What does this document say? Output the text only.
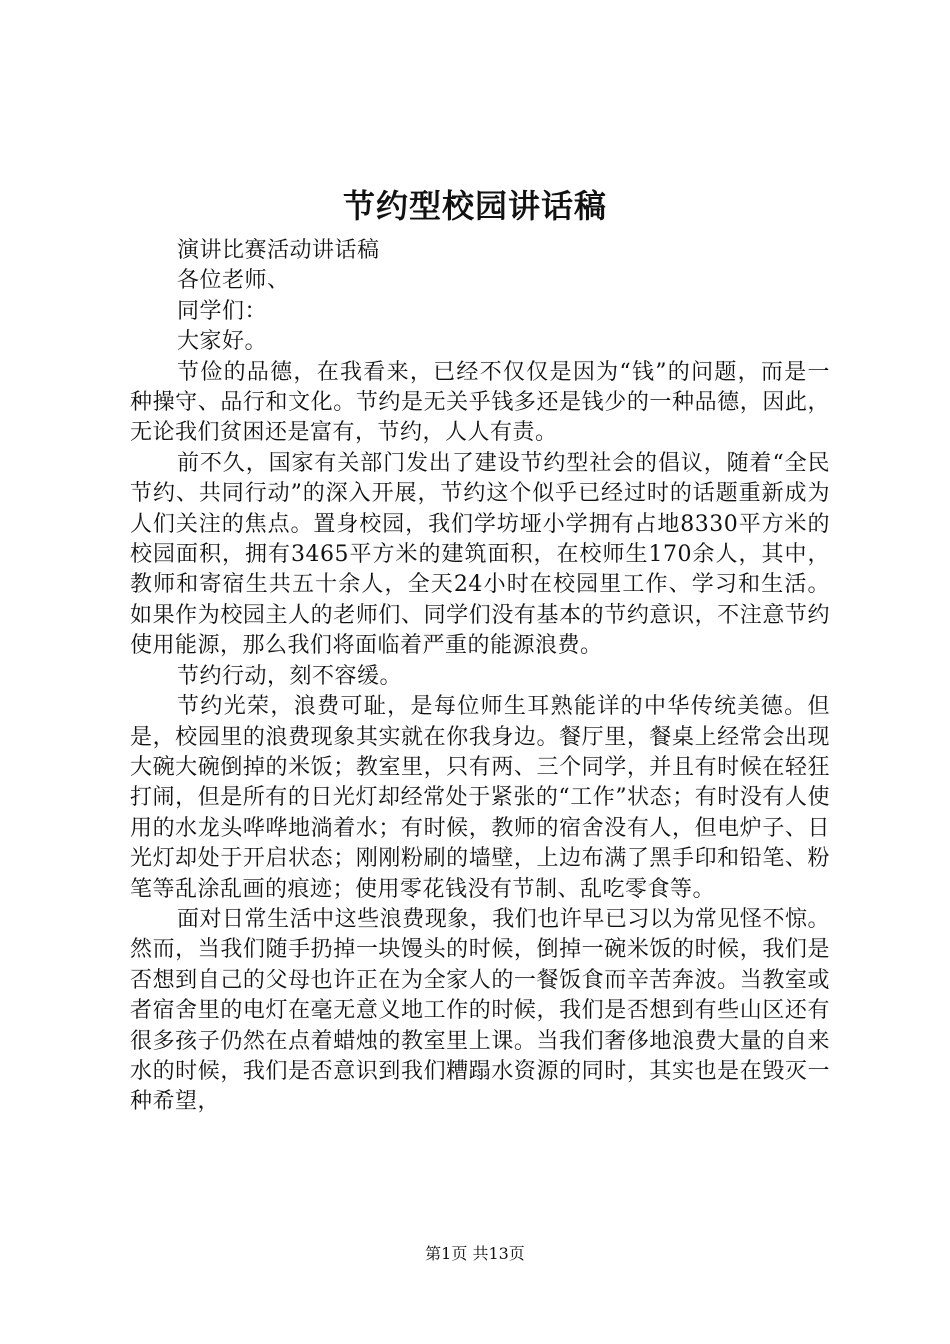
节约型校园讲话稿

演讲比赛活动讲话稿

各位老师、

同学们：

大家好。

节俭的品德，在我看来，已经不仅仅是因为“钱”的问题，而是一种操守、品行和文化。节约是无关乎钱多还是钱少的一种品德，因此，无论我们贫困还是富有，节约，人人有责。

前不久，国家有关部门发出了建设节约型社会的倡议，随着“全民节约、共同行动”的深入开展，节约这个似乎已经过时的话题重新成为人们关注的焦点。置身校园，我们学坊垭小学拥有占地8330平方米的校园面积，拥有3465平方米的建筑面积，在校师生170余人，其中，教师和寄宿生共五十余人，全天24小时在校园里工作、学习和生活。如果作为校园主人的老师们、同学们没有基本的节约意识，不注意节约使用能源，那么我们将面临着严重的能源浪费。

节约行动，刻不容缓。

节约光荣，浪费可耻，是每位师生耳熟能详的中华传统美德。但是，校园里的浪费现象其实就在你我身边。餐厅里，餐桌上经常会出现大碗大碗倒掉的米饭；教室里，只有两、三个同学，并且有时候在轻狂打闹，但是所有的日光灯却经常处于紧张的“工作”状态；有时没有人使用的水龙头哗哗地淌着水；有时候，教师的宿舍没有人，但电炉子、日光灯却处于开启状态；刚刚粉刷的墙壁，上边布满了黑手印和铅笔、粉笔等乱涂乱画的痕迹；使用零花钱没有节制、乱吃零食等。

面对日常生活中这些浪费现象，我们也许早已习以为常见怪不惊。然而，当我们随手扔掉一块馒头的时候，倒掉一碗米饭的时候，我们是否想到自己的父母也许正在为全家人的一餐饭食而辛苦奔波。当教室或者宿舍里的电灯在毫无意义地工作的时候，我们是否想到有些山区还有很多孩子仍然在点着蜡烛的教室里上课。当我们奢侈地浪费大量的自来水的时候，我们是否意识到我们糟蹋水资源的同时，其实也是在毁灭一种希望，

第1页 共13页
